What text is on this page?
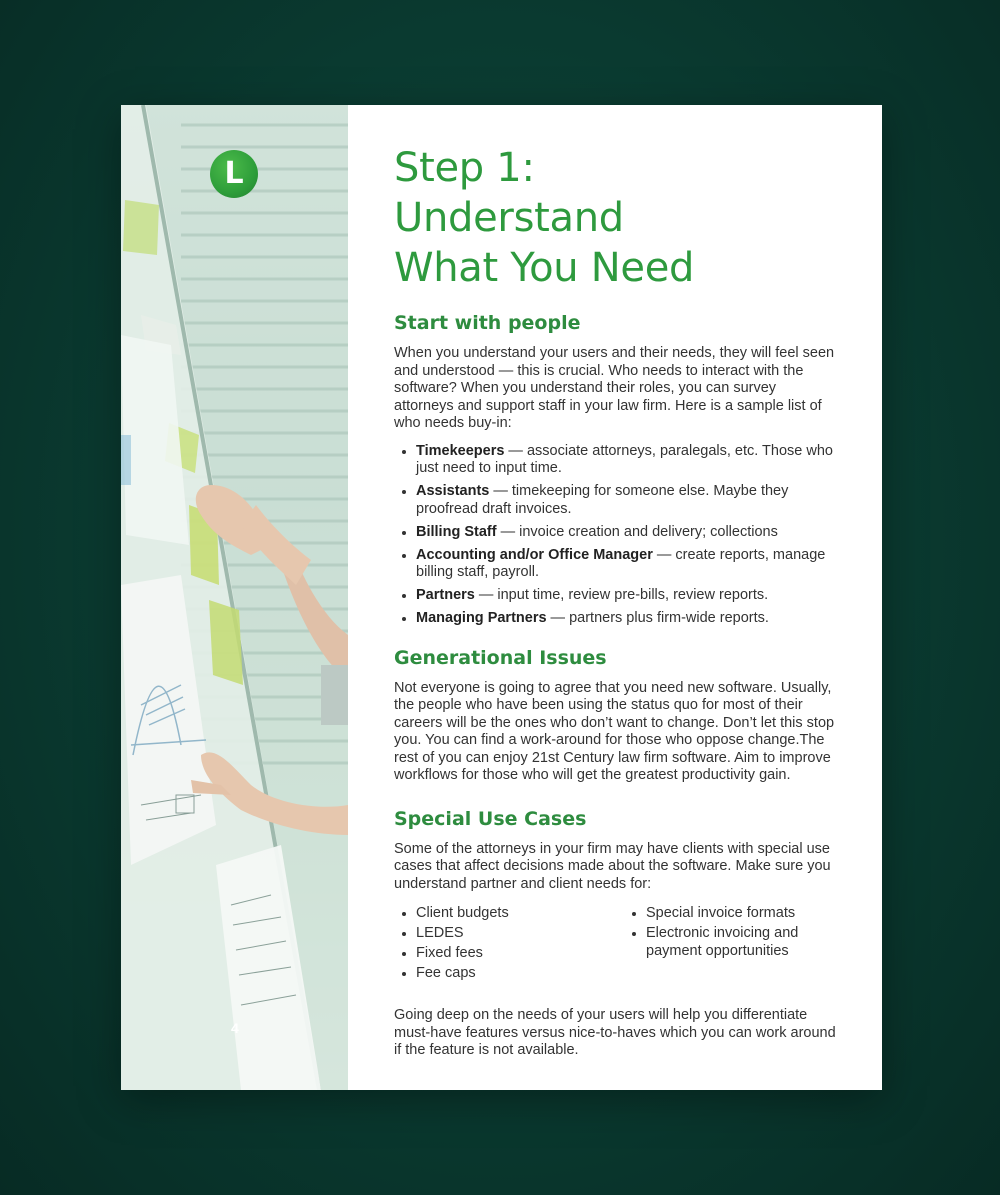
L
4
Step 1:
Understand
What You Need
Start with people

When you understand your users and their needs, they will feel seen and understood — this is crucial. Who needs to interact with the software? When you understand their roles, you can survey attorneys and support staff in your law firm. Here is a sample list of who needs buy-in:

Timekeepers — associate attorneys, paralegals, etc. Those who just need to input time.
Assistants — timekeeping for someone else. Maybe they proofread draft invoices.
Billing Staff — invoice creation and delivery; collections
Accounting and/or Office Manager — create reports, manage billing staff, payroll.
Partners — input time, review pre-bills, review reports.
Managing Partners — partners plus firm-wide reports.
Generational Issues

Not everyone is going to agree that you need new software. Usually, the people who have been using the status quo for most of their careers will be the ones who don’t want to change. Don’t let this stop you. You can find a work-around for those who oppose change.The rest of you can enjoy 21st Century law firm software. Aim to improve workflows for those who will get the greatest productivity gain.

Special Use Cases

Some of the attorneys in your firm may have clients with special use cases that affect decisions made about the software. Make sure you understand partner and client needs for:

Client budgets
LEDES
Fixed fees
Fee caps
Special invoice formats
Electronic invoicing and payment opportunities

Going deep on the needs of your users will help you differentiate must-have features versus nice-to-haves which you can work around if the feature is not available.
